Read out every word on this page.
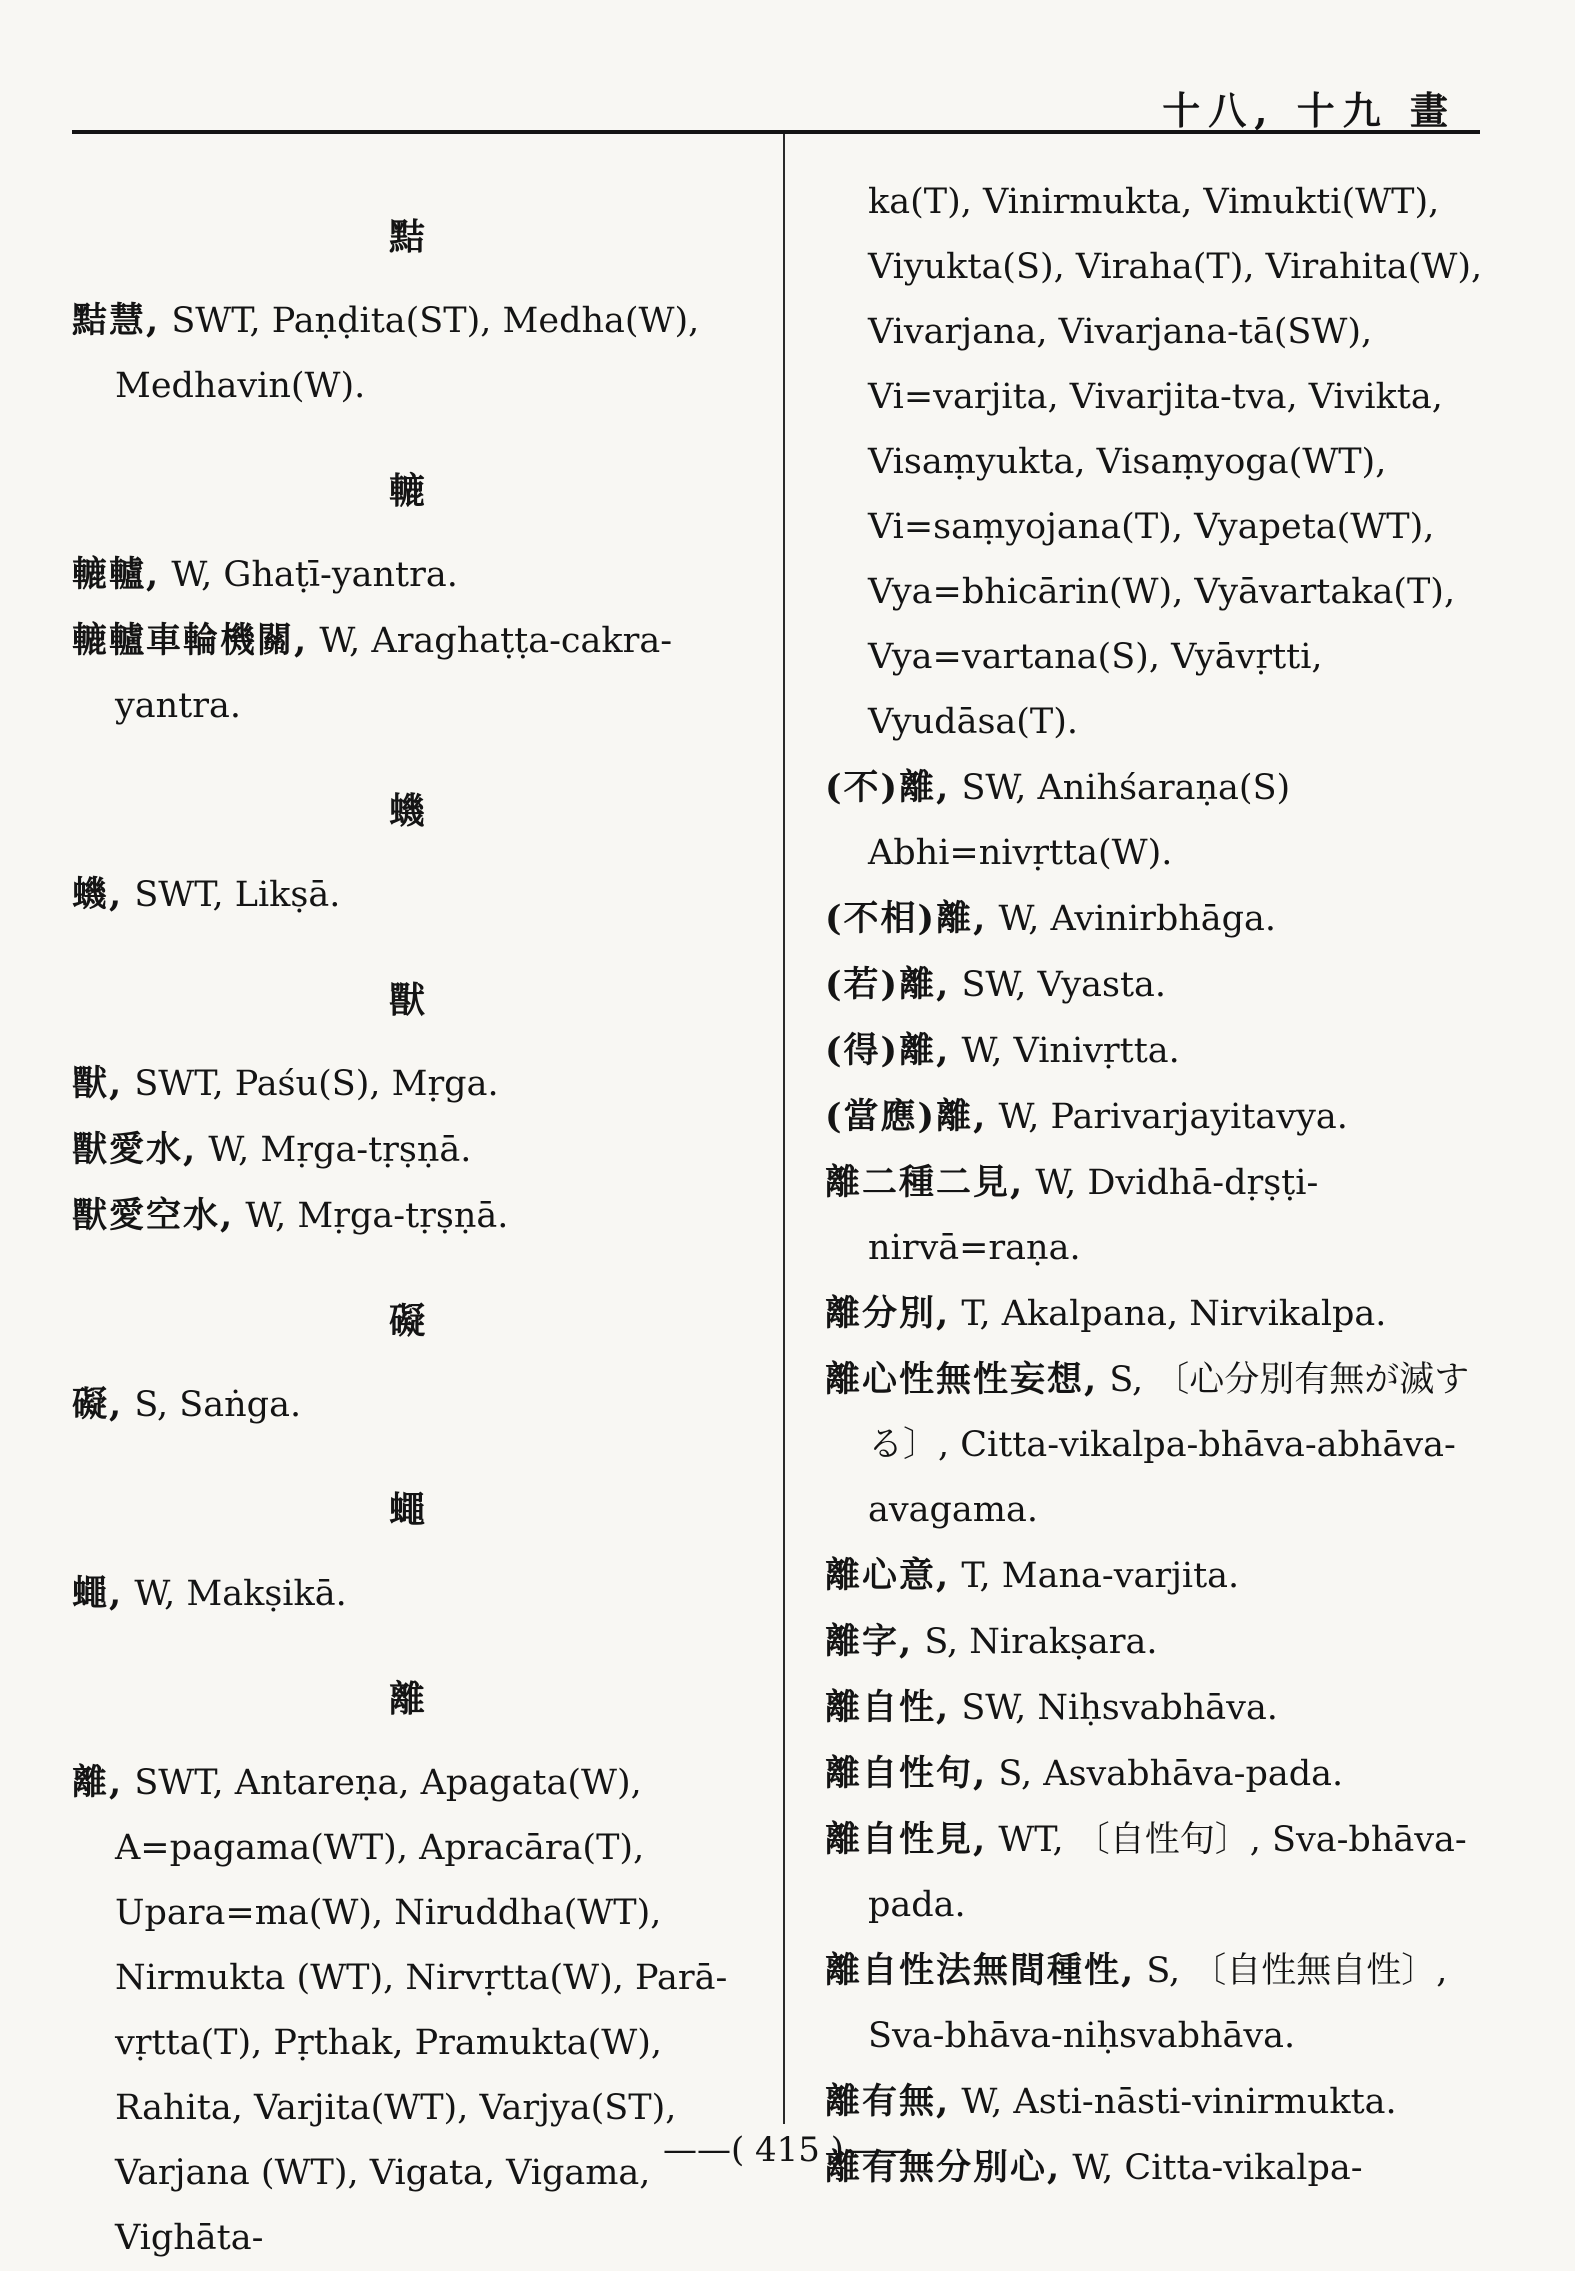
十八, 十九 畫
黠
黠慧, SWT, Paṇḍita(ST), Medha(W), Medhavin(W).
轆
轆轤, W, Ghaṭī-yantra.
轆轤車輪機關, W, Araghaṭṭa-cakra-yantra.
蟣
蟣, SWT, Likṣā.
獸
獸, SWT, Paśu(S), Mṛga.
獸愛水, W, Mṛga-tṛṣṇā.
獸愛空水, W, Mṛga-tṛṣṇā.
礙
礙, S, Saṅga.
蠅
蠅, W, Makṣikā.
離
離, SWT, Antareṇa, Apagata(W), A=pagama(WT), Apracāra(T), Upara=ma(W), Niruddha(WT), Nirmukta (WT), Nirvṛtta(W), Parā-vṛtta(T), Pṛthak, Pramukta(W), Rahita, Varjita(WT), Varjya(ST), Varjana (WT), Vigata, Vigama, Vighāta-
ka(T), Vinirmukta, Vimukti(WT), Viyukta(S), Viraha(T), Virahita(W), Vivarjana, Vivarjana-tā(SW), Vi=varjita, Vivarjita-tva, Vivikta, Visaṃyukta, Visaṃyoga(WT), Vi=saṃyojana(T), Vyapeta(WT), Vya=bhicārin(W), Vyāvartaka(T), Vya=vartana(S), Vyāvṛtti, Vyudāsa(T).
(不)離, SW, Anihśaraṇa(S) Abhi=nivṛtta(W).
(不相)離, W, Avinirbhāga.
(若)離, SW, Vyasta.
(得)離, W, Vinivṛtta.
(當應)離, W, Parivarjayitavya.
離二種二見, W, Dvidhā-dṛṣṭi-nirvā=raṇa.
離分別, T, Akalpana, Nirvikalpa.
離心性無性妄想, S, 〔心分別有無が滅する〕, Citta-vikalpa-bhāva-abhāva-avagama.
離心意, T, Mana-varjita.
離字, S, Nirakṣara.
離自性, SW, Niḥsvabhāva.
離自性句, S, Asvabhāva-pada.
離自性見, WT, 〔自性句〕, Sva-bhāva-pada.
離自性法無間種性, S, 〔自性無自性〕, Sva-bhāva-niḥsvabhāva.
離有無, W, Asti-nāsti-vinirmukta.
離有無分別心, W, Citta-vikalpa-
——( 415 )——
